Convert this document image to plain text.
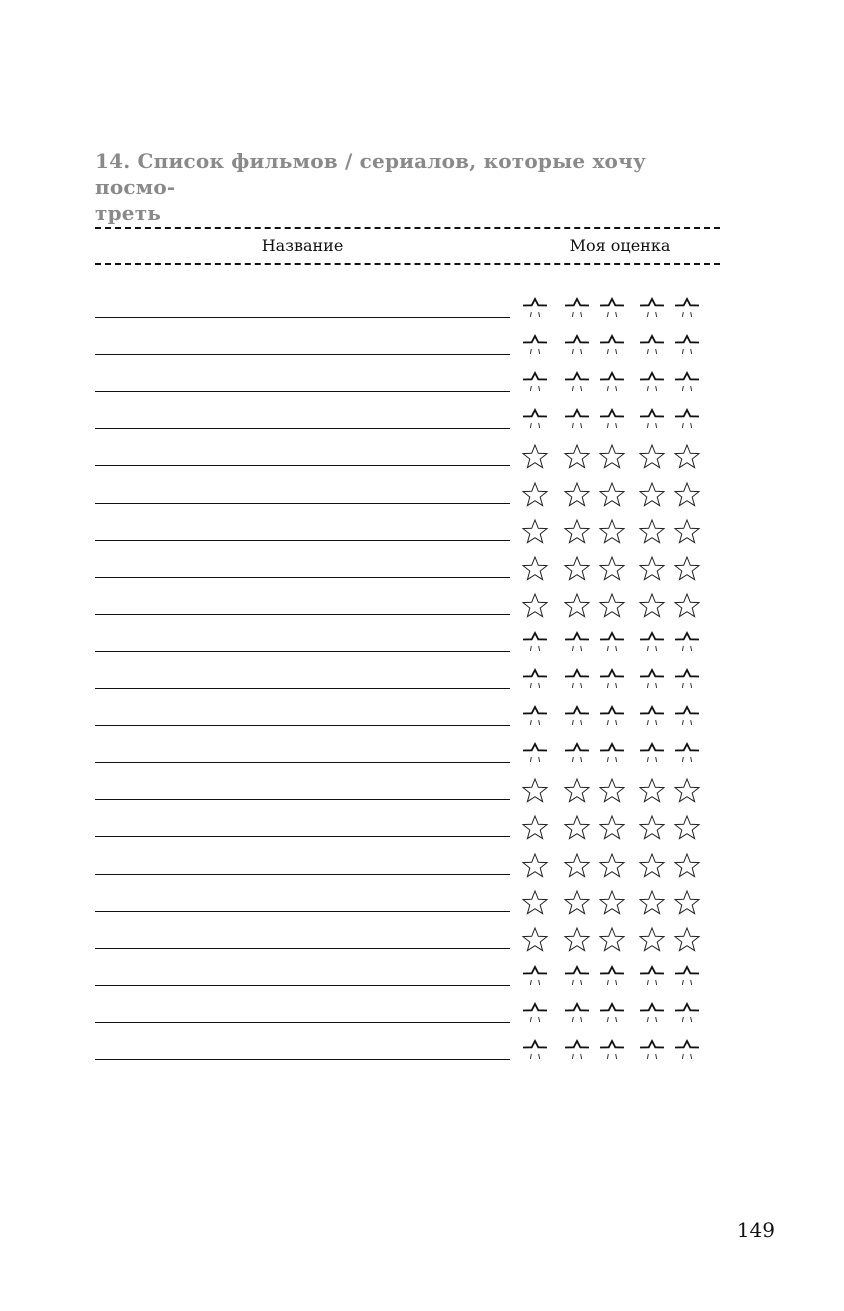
14. Список фильмов / сериалов, которые хочу посмо-
треть
Название	Моя оценка
149
